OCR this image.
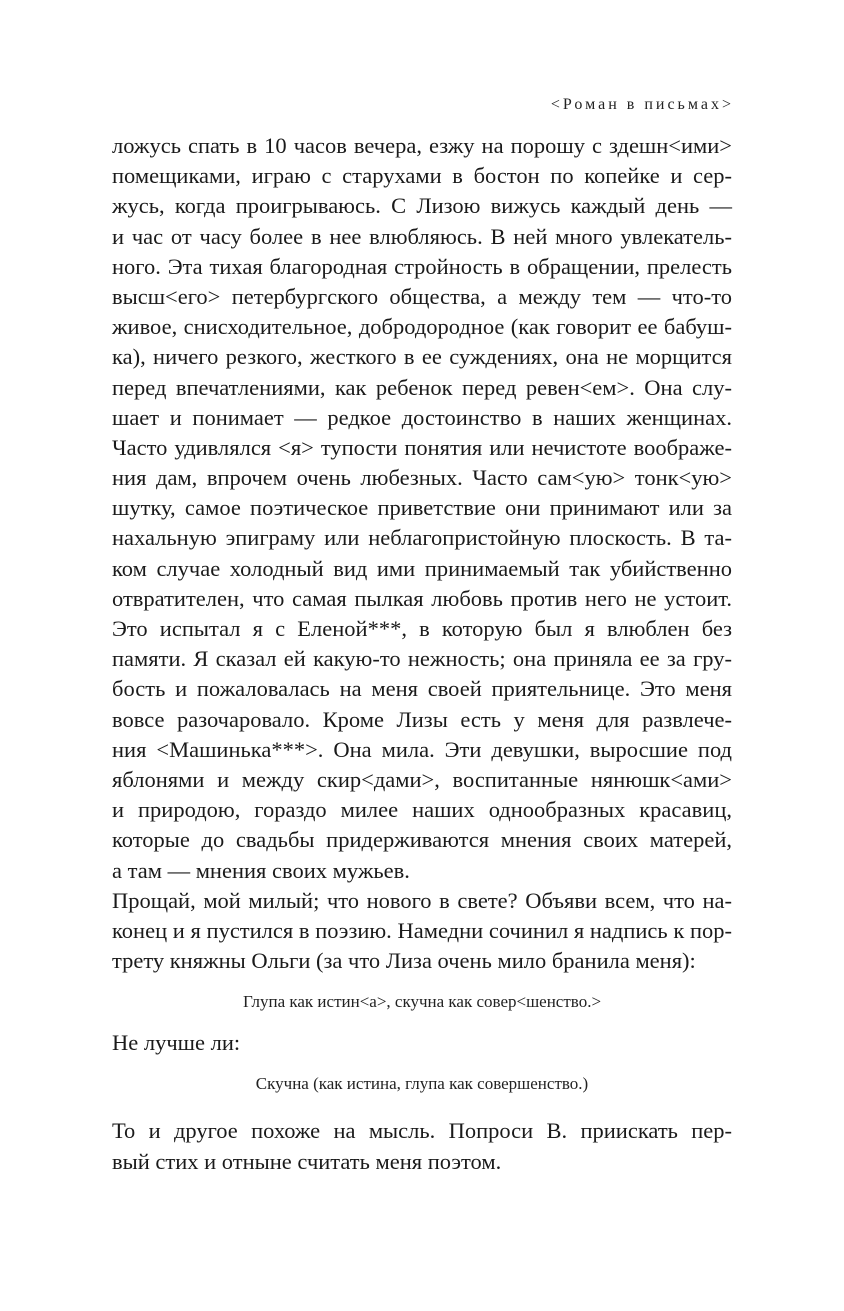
<Роман в письмах>
ложусь спать в 10 часов вечера, езжу на порошу с здешн<ими>
помещиками, играю с старухами в бостон по копейке и сер-
жусь, когда проигрываюсь. С Лизою вижусь каждый день —
и час от часу более в нее влюбляюсь. В ней много увлекатель-
ного. Эта тихая благородная стройность в обращении, прелесть
высш<его> петербургского общества, а между тем — что-то
живое, снисходительное, добродородное (как говорит ее бабуш-
ка), ничего резкого, жесткого в ее суждениях, она не морщится
перед впечатлениями, как ребенок перед ревен<ем>. Она слу-
шает и понимает — редкое достоинство в наших женщинах.
Часто удивлялся <я> тупости понятия или нечистоте воображе-
ния дам, впрочем очень любезных. Часто сам<ую> тонк<ую>
шутку, самое поэтическое приветствие они принимают или за
нахальную эпиграму или неблагопристойную плоскость. В та-
ком случае холодный вид ими принимаемый так убийственно
отвратителен, что самая пылкая любовь против него не устоит.
Это испытал я с Еленой***, в которую был я влюблен без
памяти. Я сказал ей какую-то нежность; она приняла ее за гру-
бость и пожаловалась на меня своей приятельнице. Это меня
вовсе разочаровало. Кроме Лизы есть у меня для развлече-
ния <Машинька***>. Она мила. Эти девушки, выросшие под
яблонями и между скир<дами>, воспитанные нянюшк<ами>
и природою, гораздо милее наших однообразных красавиц,
которые до свадьбы придерживаются мнения своих матерей,
а там — мнения своих мужьев.
Прощай, мой милый; что нового в свете? Объяви всем, что на-
конец и я пустился в поэзию. Намедни сочинил я надпись к пор-
трету княжны Ольги (за что Лиза очень мило бранила меня):
Глупа как истин<а>, скучна как совер<шенство.>
Не лучше ли:
Скучна (как истина, глупа как совершенство.)
То и другое похоже на мысль. Попроси В. приискать пер-
вый стих и отныне считать меня поэтом.
